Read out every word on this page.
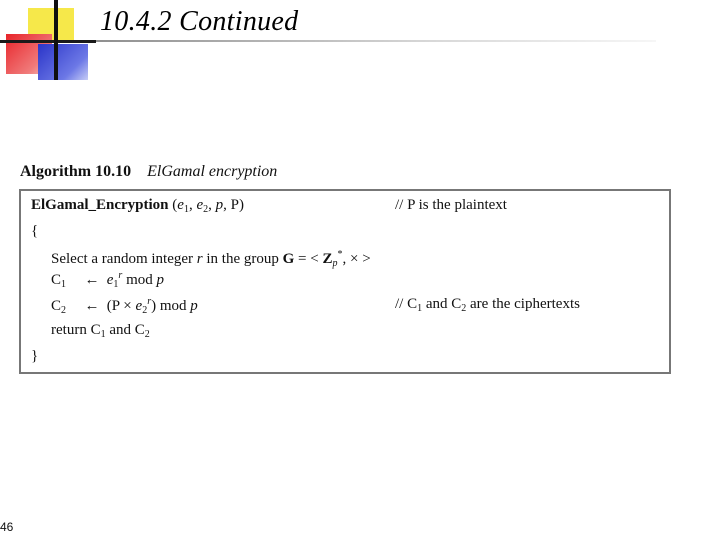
10.4.2 Continued
Algorithm 10.10 ElGamal encryption
ElGamal_Encryption ($e_1$, $e_2$, p, P)	// P is the plaintext
{
Select a random integer r in the group G = < $Z_p^*$, × >
$C_1$ ← $e_1^r$ mod p
$C_2$ ← $(P \times e_2^r)$ mod p	// $C_1$ and $C_2$ are the ciphertexts
return $C_1$ and $C_2$
}
46
